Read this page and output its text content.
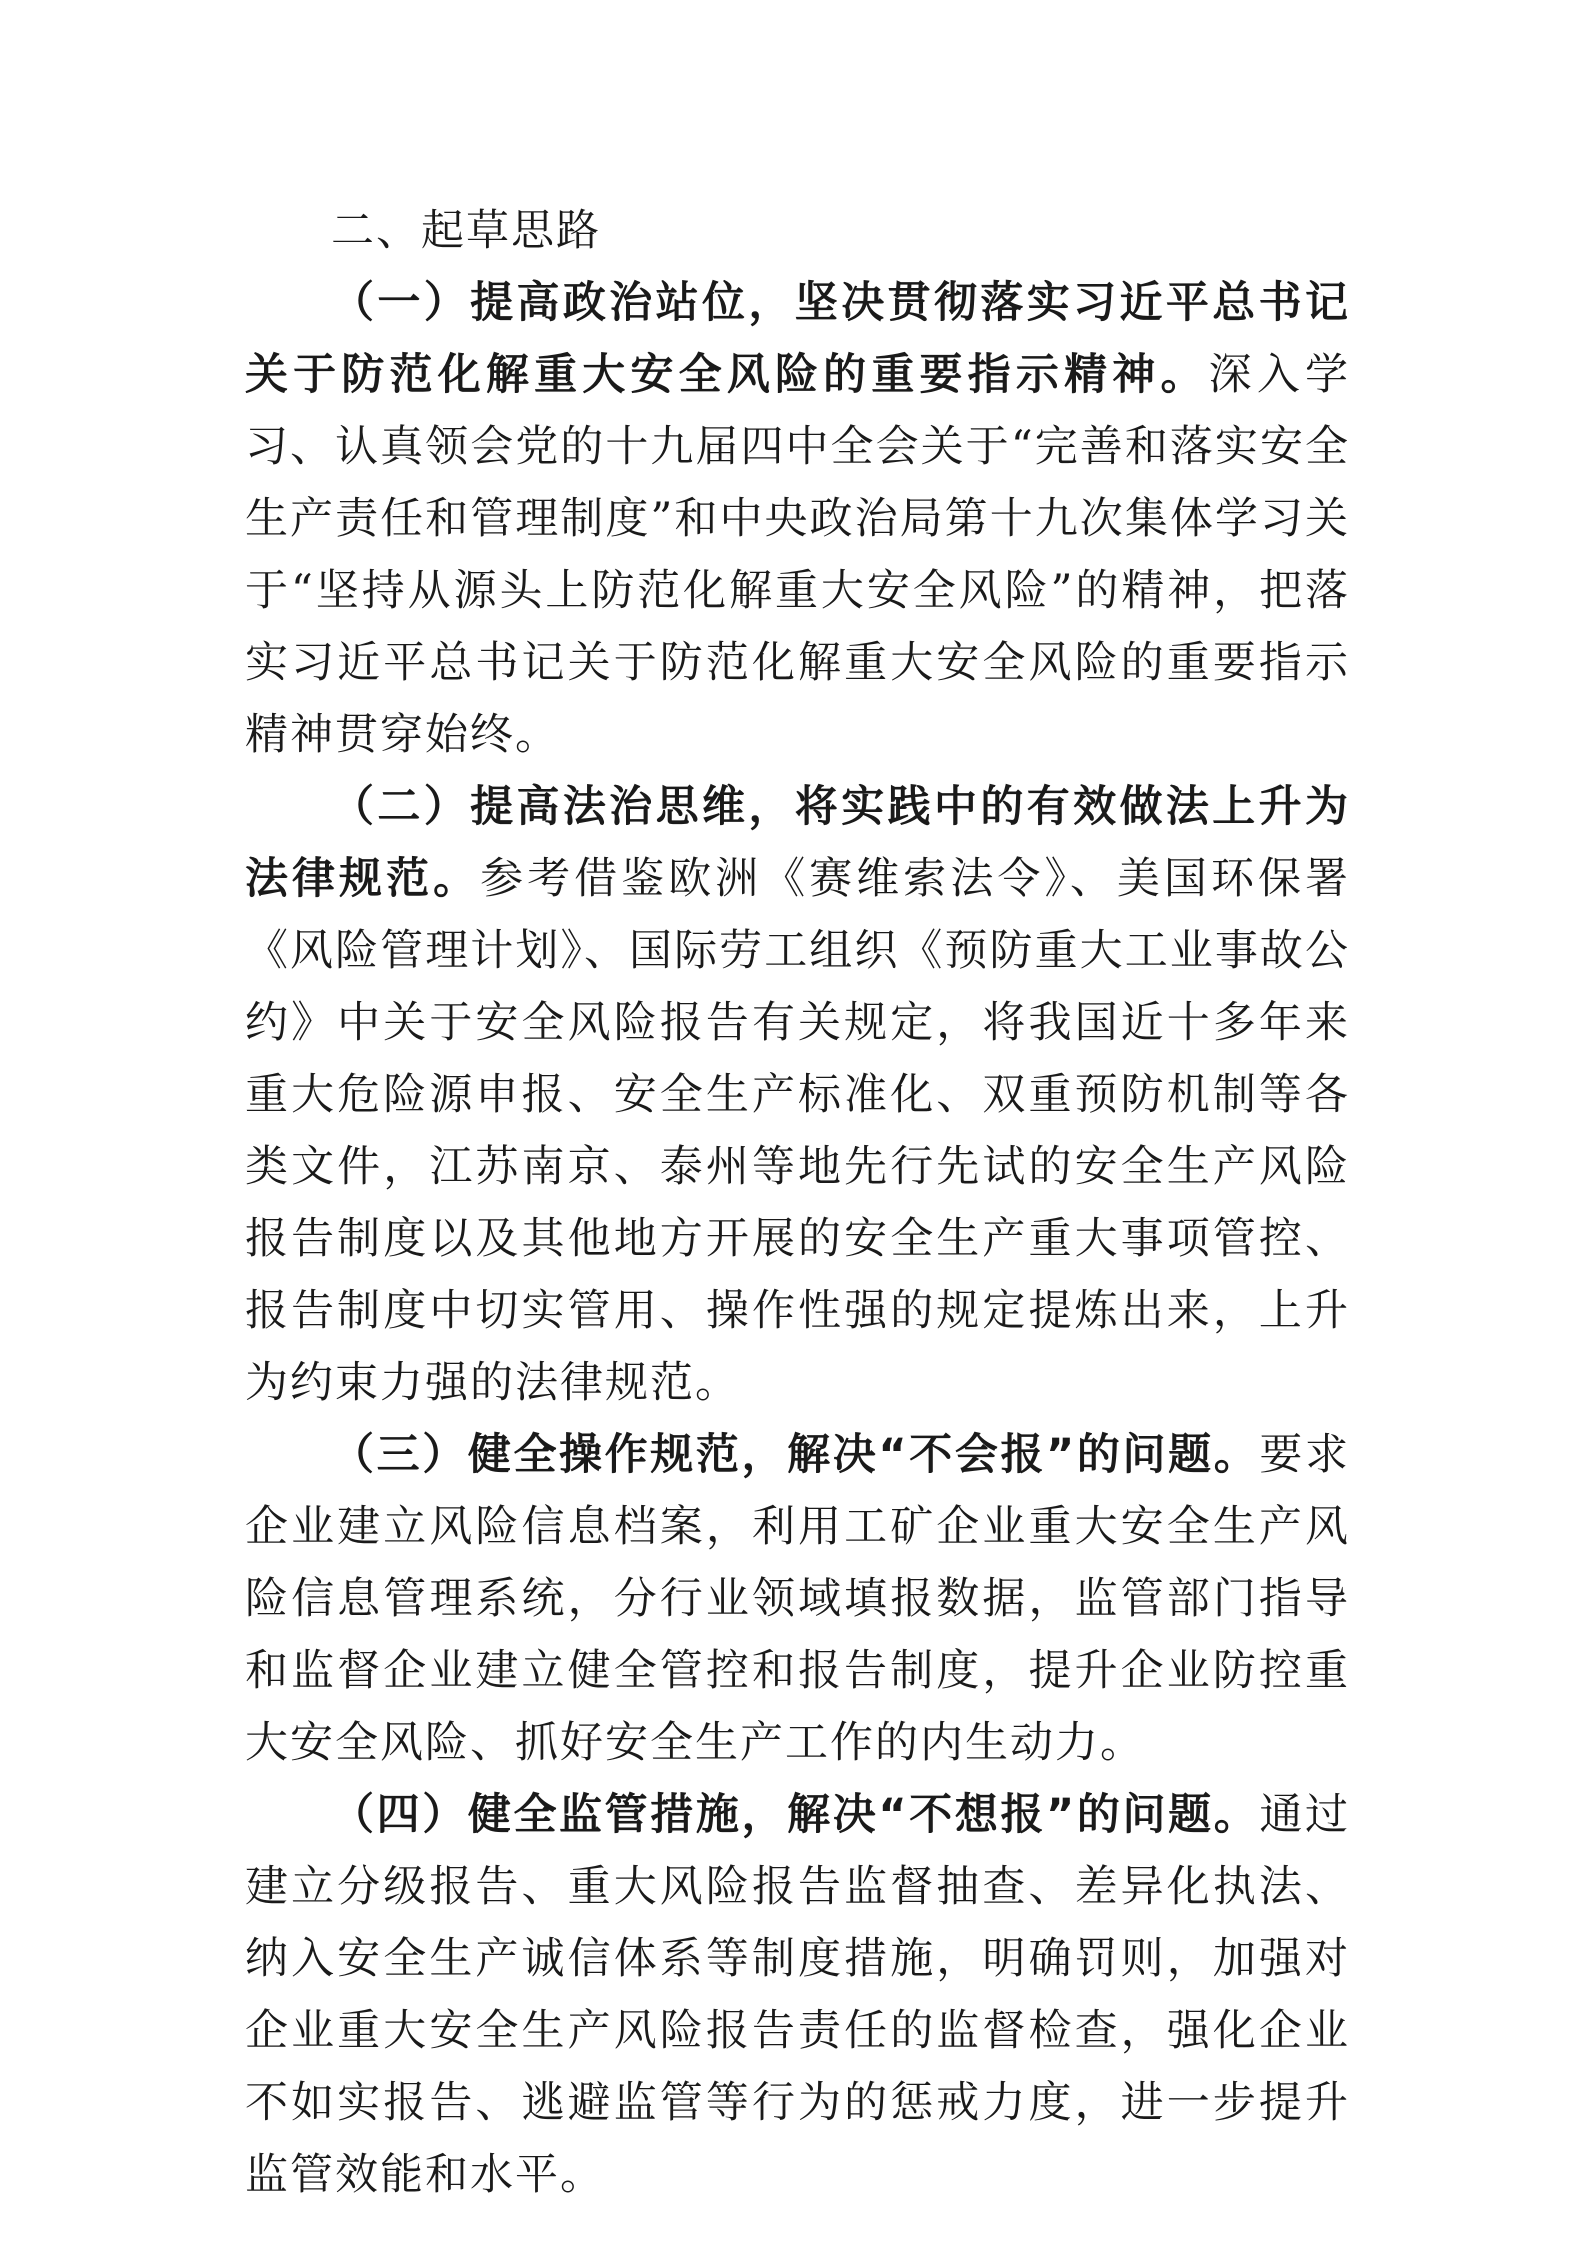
二、起草思路

（一）提高政治站位，坚决贯彻落实习近平总书记关于防范化解重大安全风险的重要指示精神。深入学习、认真领会党的十九届四中全会关于“完善和落实安全生产责任和管理制度”和中央政治局第十九次集体学习关于“坚持从源头上防范化解重大安全风险”的精神，把落实习近平总书记关于防范化解重大安全风险的重要指示精神贯穿始终。

（二）提高法治思维，将实践中的有效做法上升为法律规范。参考借鉴欧洲《赛维索法令》、美国环保署《风险管理计划》、国际劳工组织《预防重大工业事故公约》中关于安全风险报告有关规定，将我国近十多年来重大危险源申报、安全生产标准化、双重预防机制等各类文件，江苏南京、泰州等地先行先试的安全生产风险报告制度以及其他地方开展的安全生产重大事项管控、报告制度中切实管用、操作性强的规定提炼出来，上升为约束力强的法律规范。

（三）健全操作规范，解决“不会报”的问题。要求企业建立风险信息档案，利用工矿企业重大安全生产风险信息管理系统，分行业领域填报数据，监管部门指导和监督企业建立健全管控和报告制度，提升企业防控重大安全风险、抓好安全生产工作的内生动力。

（四）健全监管措施，解决“不想报”的问题。通过建立分级报告、重大风险报告监督抽查、差异化执法、纳入安全生产诚信体系等制度措施，明确罚则，加强对企业重大安全生产风险报告责任的监督检查，强化企业不如实报告、逃避监管等行为的惩戒力度，进一步提升监管效能和水平。
